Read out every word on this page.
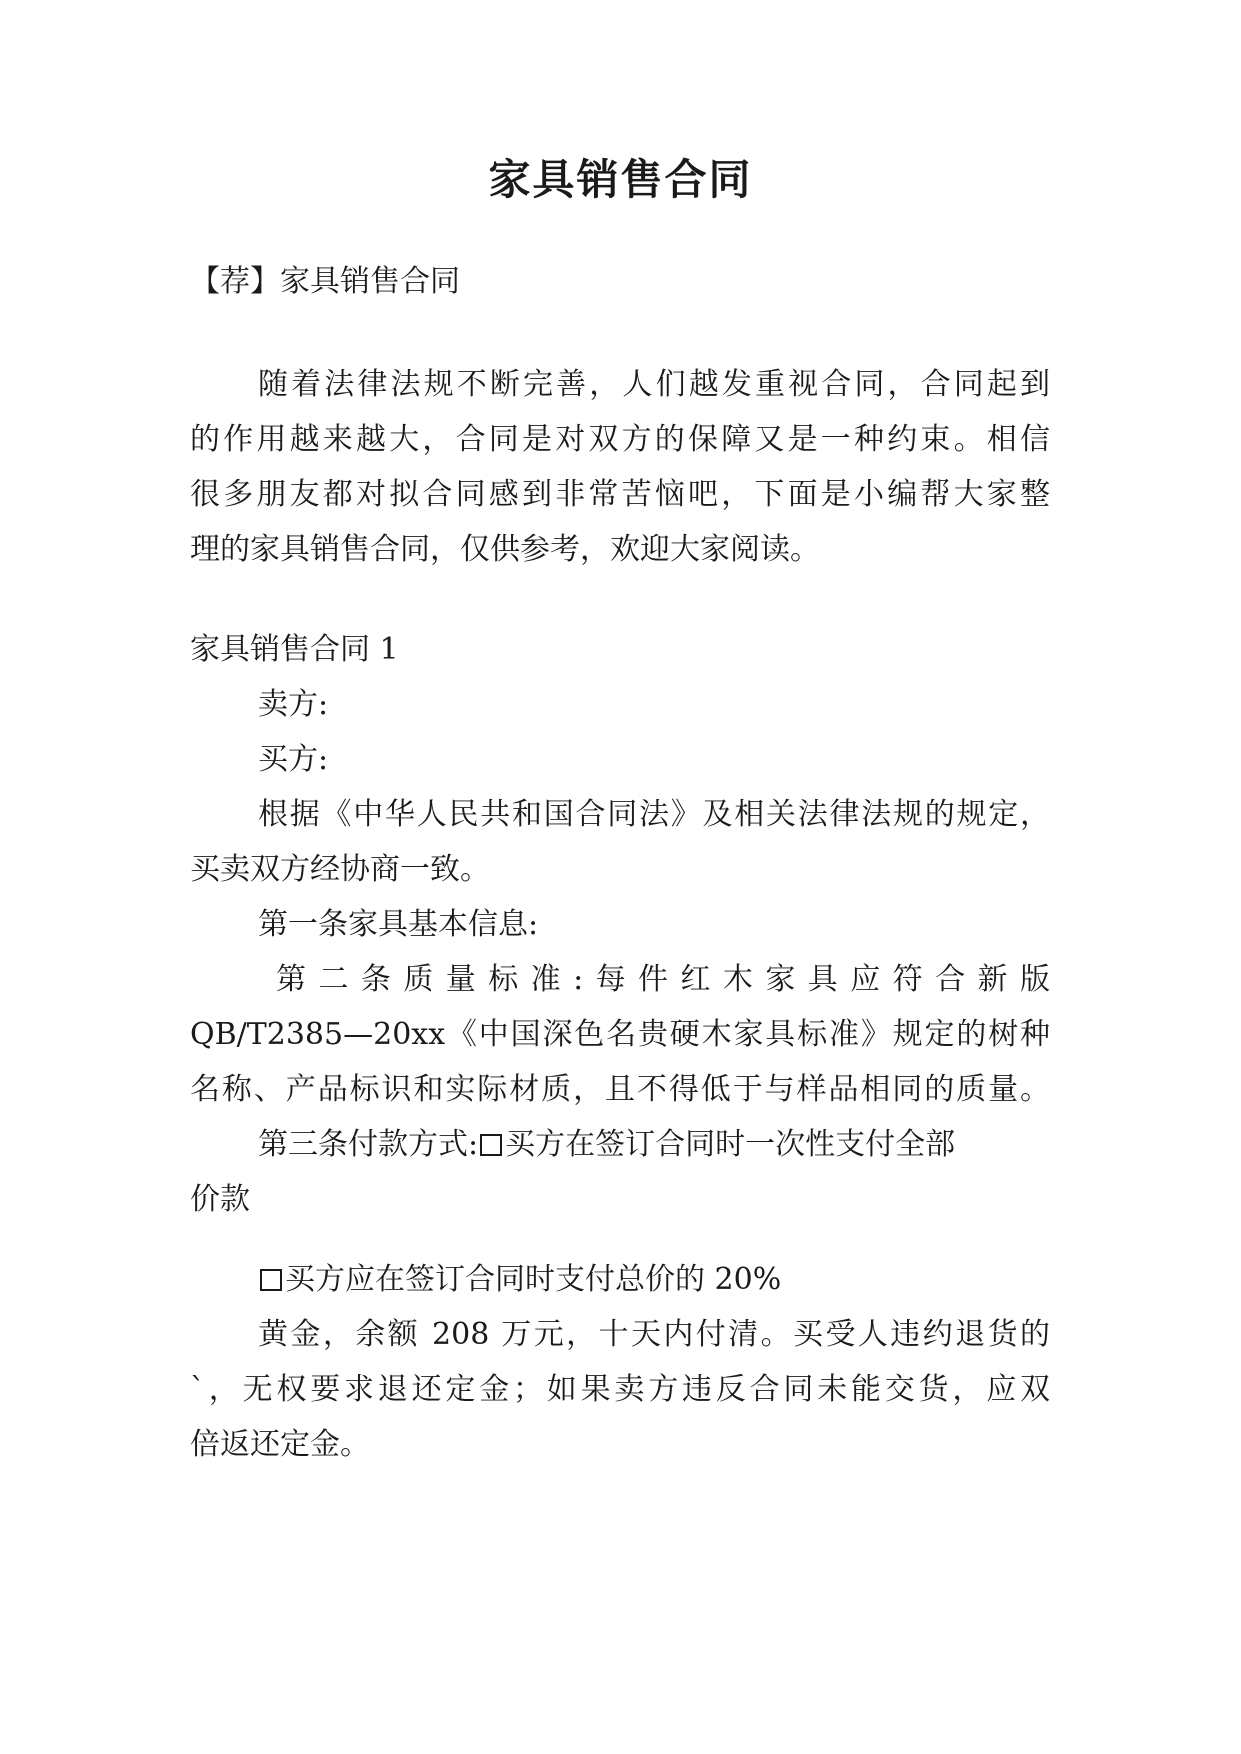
家具销售合同
【荐】家具销售合同
随着法律法规不断完善，人们越发重视合同，合同起到
的作用越来越大，合同是对双方的保障又是一种约束。相信
很多朋友都对拟合同感到非常苦恼吧，下面是小编帮大家整
理的家具销售合同，仅供参考，欢迎大家阅读。
家具销售合同 1
卖方:
买方:
根据《中华人民共和国合同法》及相关法律法规的规定，
买卖双方经协商一致。
第一条家具基本信息:
第二条质量标准:每件红木家具应符合新版
QB/T2385—20xx《中国深色名贵硬木家具标准》规定的树种
名称、产品标识和实际材质，且不得低于与样品相同的质量。
第三条付款方式: 买方在签订合同时一次性支付全部
价款
买方应在签订合同时支付总价的 20%
黄金，余额 208 万元，十天内付清。买受人违约退货的
`，无权要求退还定金；如果卖方违反合同未能交货，应双
倍返还定金。
